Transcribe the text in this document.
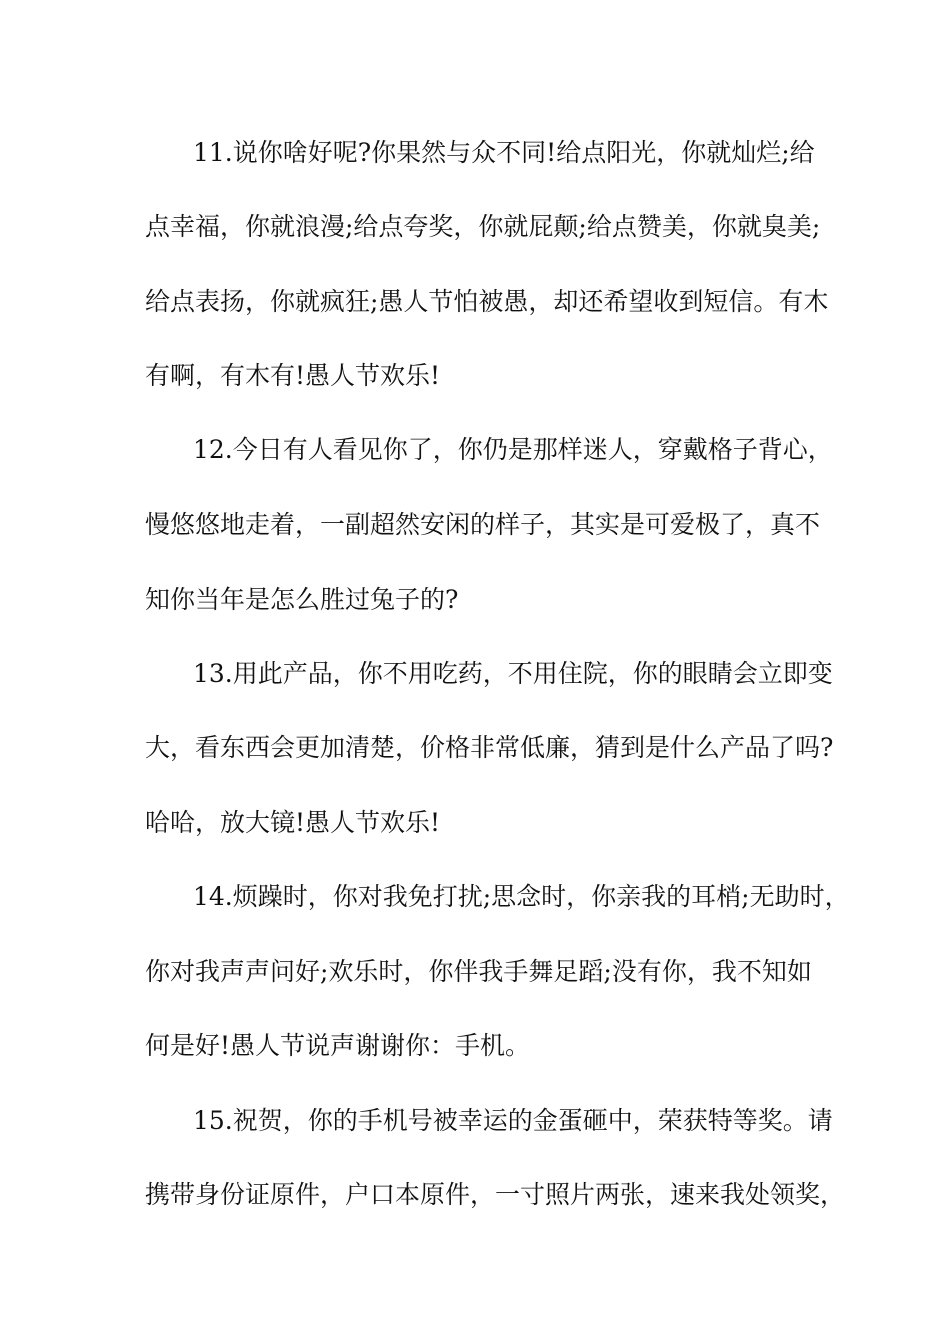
11.说你啥好呢?你果然与众不同!给点阳光，你就灿烂;给
点幸福，你就浪漫;给点夸奖，你就屁颠;给点赞美，你就臭美;
给点表扬，你就疯狂;愚人节怕被愚，却还希望收到短信。有木
有啊，有木有!愚人节欢乐!
12.今日有人看见你了，你仍是那样迷人，穿戴格子背心，
慢悠悠地走着，一副超然安闲的样子，其实是可爱极了，真不
知你当年是怎么胜过兔子的?
13.用此产品，你不用吃药，不用住院，你的眼睛会立即变
大，看东西会更加清楚，价格非常低廉，猜到是什么产品了吗?
哈哈，放大镜!愚人节欢乐!
14.烦躁时，你对我免打扰;思念时，你亲我的耳梢;无助时，
你对我声声问好;欢乐时，你伴我手舞足蹈;没有你，我不知如
何是好!愚人节说声谢谢你：手机。
15.祝贺，你的手机号被幸运的金蛋砸中，荣获特等奖。请
携带身份证原件，户口本原件，一寸照片两张，速来我处领奖，
